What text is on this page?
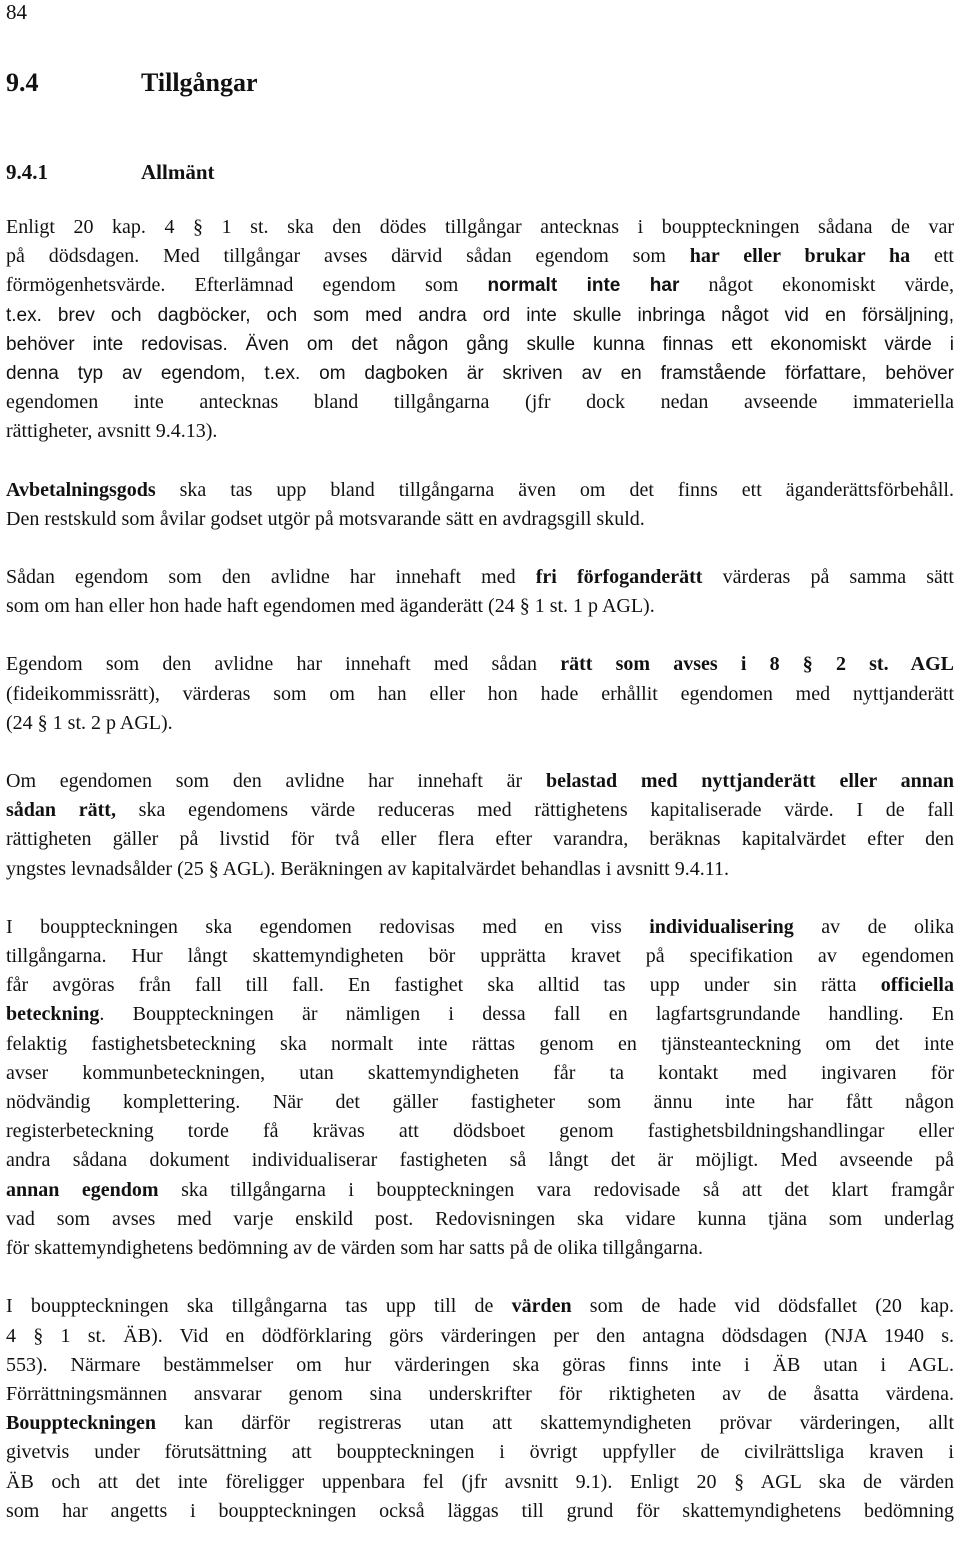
84
9.4	Tillgångar
9.4.1	Allmänt

Enligt 20 kap. 4 § 1 st. ska den dödes tillgångar antecknas i bouppteckningen sådana de var
på dödsdagen. Med tillgångar avses därvid sådan egendom som har eller brukar ha ett
förmögenhetsvärde. Efterlämnad egendom som normalt inte har något ekonomiskt värde,
t.ex. brev och dagböcker, och som med andra ord inte skulle inbringa något vid en försäljning,
behöver inte redovisas. Även om det någon gång skulle kunna finnas ett ekonomiskt värde i
denna typ av egendom, t.ex. om dagboken är skriven av en framstående författare, behöver
egendomen inte antecknas bland tillgångarna (jfr dock nedan avseende immateriella
rättigheter, avsnitt 9.4.13).

Avbetalningsgods ska tas upp bland tillgångarna även om det finns ett äganderättsförbehåll.
Den restskuld som åvilar godset utgör på motsvarande sätt en avdragsgill skuld.

Sådan egendom som den avlidne har innehaft med fri förfoganderätt värderas på samma sätt
som om han eller hon hade haft egendomen med äganderätt (24 § 1 st. 1 p AGL).

Egendom som den avlidne har innehaft med sådan rätt som avses i 8 § 2 st. AGL
(fideikommissrätt), värderas som om han eller hon hade erhållit egendomen med nyttjanderätt
(24 § 1 st. 2 p AGL).

Om egendomen som den avlidne har innehaft är belastad med nyttjanderätt eller annan
sådan rätt, ska egendomens värde reduceras med rättighetens kapitaliserade värde. I de fall
rättigheten gäller på livstid för två eller flera efter varandra, beräknas kapitalvärdet efter den
yngstes levnadsålder (25 § AGL). Beräkningen av kapitalvärdet behandlas i avsnitt 9.4.11.

I bouppteckningen ska egendomen redovisas med en viss individualisering av de olika
tillgångarna. Hur långt skattemyndigheten bör upprätta kravet på specifikation av egendomen
får avgöras från fall till fall. En fastighet ska alltid tas upp under sin rätta officiella
beteckning. Bouppteckningen är nämligen i dessa fall en lagfartsgrundande handling. En
felaktig fastighetsbeteckning ska normalt inte rättas genom en tjänsteanteckning om det inte
avser kommunbeteckningen, utan skattemyndigheten får ta kontakt med ingivaren för
nödvändig komplettering. När det gäller fastigheter som ännu inte har fått någon
registerbeteckning torde få krävas att dödsboet genom fastighetsbildningshandlingar eller
andra sådana dokument individualiserar fastigheten så långt det är möjligt. Med avseende på
annan egendom ska tillgångarna i bouppteckningen vara redovisade så att det klart framgår
vad som avses med varje enskild post. Redovisningen ska vidare kunna tjäna som underlag
för skattemyndighetens bedömning av de värden som har satts på de olika tillgångarna.

I bouppteckningen ska tillgångarna tas upp till de värden som de hade vid dödsfallet (20 kap.
4 § 1 st. ÄB). Vid en dödförklaring görs värderingen per den antagna dödsdagen (NJA 1940 s.
553). Närmare bestämmelser om hur värderingen ska göras finns inte i ÄB utan i AGL.
Förrättningsmännen ansvarar genom sina underskrifter för riktigheten av de åsatta värdena.
Bouppteckningen kan därför registreras utan att skattemyndigheten prövar värderingen, allt
givetvis under förutsättning att bouppteckningen i övrigt uppfyller de civilrättsliga kraven i
ÄB och att det inte föreligger uppenbara fel (jfr avsnitt 9.1). Enligt 20 § AGL ska de värden
som har angetts i bouppteckningen också läggas till grund för skattemyndighetens bedömning
